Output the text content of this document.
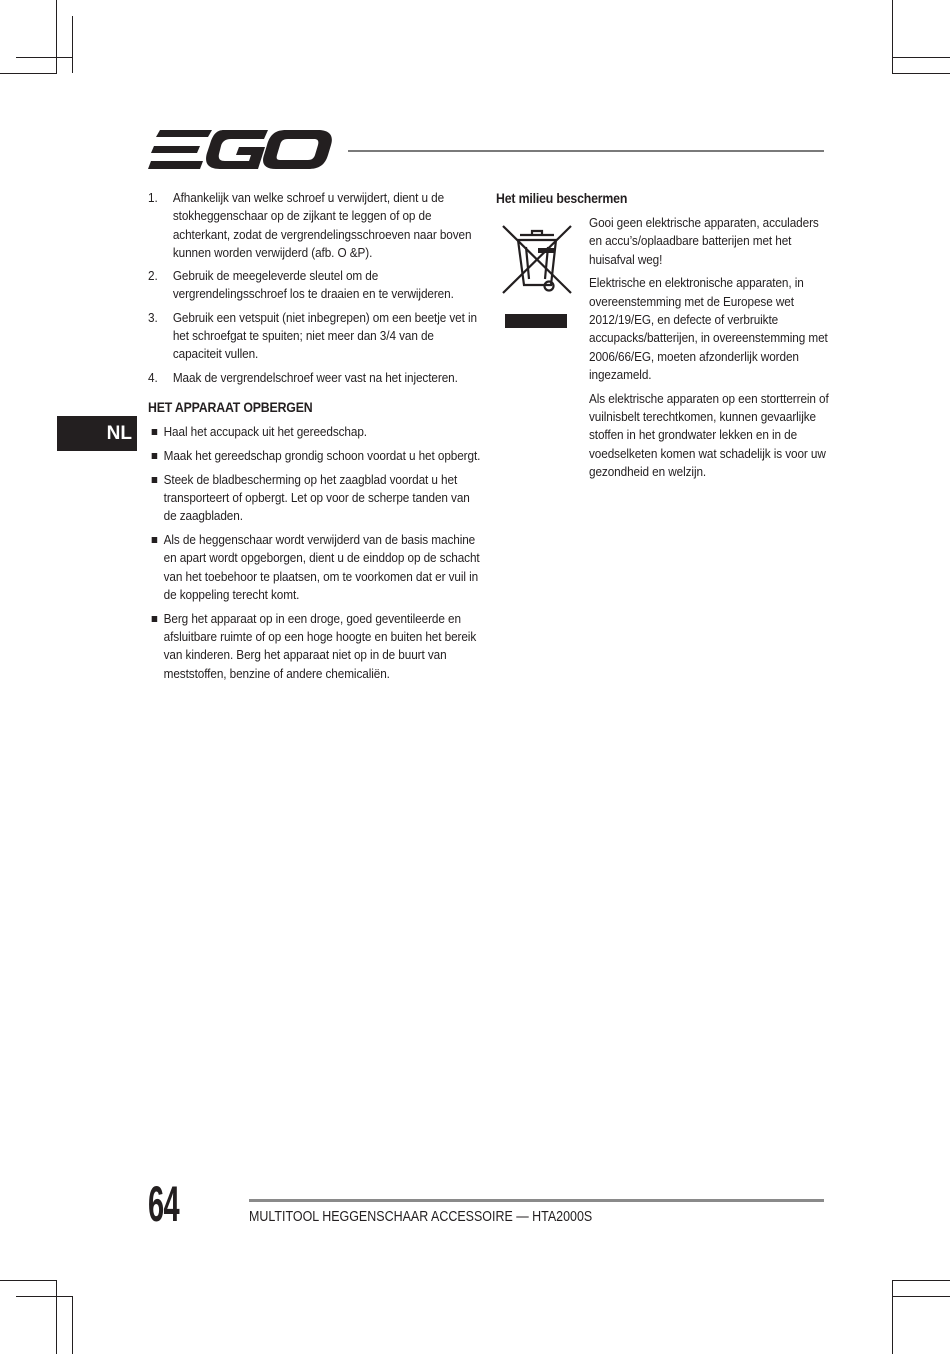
NL
1.	Afhankelijk van welke schroef u verwijdert, dient u de stokheggenschaar op de zijkant te leggen of op de achterkant, zodat de vergrendelingsschroeven naar boven kunnen worden verwijderd (afb. O &P).
2.	Gebruik de meegeleverde sleutel om de vergrendelingsschroef los te draaien en te verwijderen.
3.	Gebruik een vetspuit (niet inbegrepen) om een beetje vet in het schroefgat te spuiten; niet meer dan 3/4 van de capaciteit vullen.
4.	Maak de vergrendelschroef weer vast na het injecteren.
HET APPARAAT OPBERGEN
Haal het accupack uit het gereedschap.
Maak het gereedschap grondig schoon voordat u het opbergt.
Steek de bladbescherming op het zaagblad voordat u het transporteert of opbergt. Let op voor de scherpe tanden van de zaagbladen.
Als de heggenschaar wordt verwijderd van de basis machine en apart wordt opgeborgen, dient u de einddop op de schacht van het toebehoor te plaatsen, om te voorkomen dat er vuil in de koppeling terecht komt.
Berg het apparaat op in een droge, goed geventileerde en afsluitbare ruimte of op een hoge hoogte en buiten het bereik van kinderen. Berg het apparaat niet op in de buurt van meststoffen, benzine of andere chemicaliën.
Het milieu beschermen
Gooi geen elektrische apparaten, acculaders en accu’s/oplaadbare batterijen met het huisafval weg!
Elektrische en elektronische apparaten, in overeenstemming met de Europese wet 2012/19/EG, en defecte of verbruikte accupacks/batterijen, in overeenstemming met 2006/66/EG, moeten afzonderlijk worden ingezameld.
Als elektrische apparaten op een stortterrein of vuilnisbelt terechtkomen, kunnen gevaarlijke stoffen in het grondwater lekken en in de voedselketen komen wat schadelijk is voor uw gezondheid en welzijn.
64	MULTITOOL HEGGENSCHAAR ACCESSOIRE — HTA2000S
